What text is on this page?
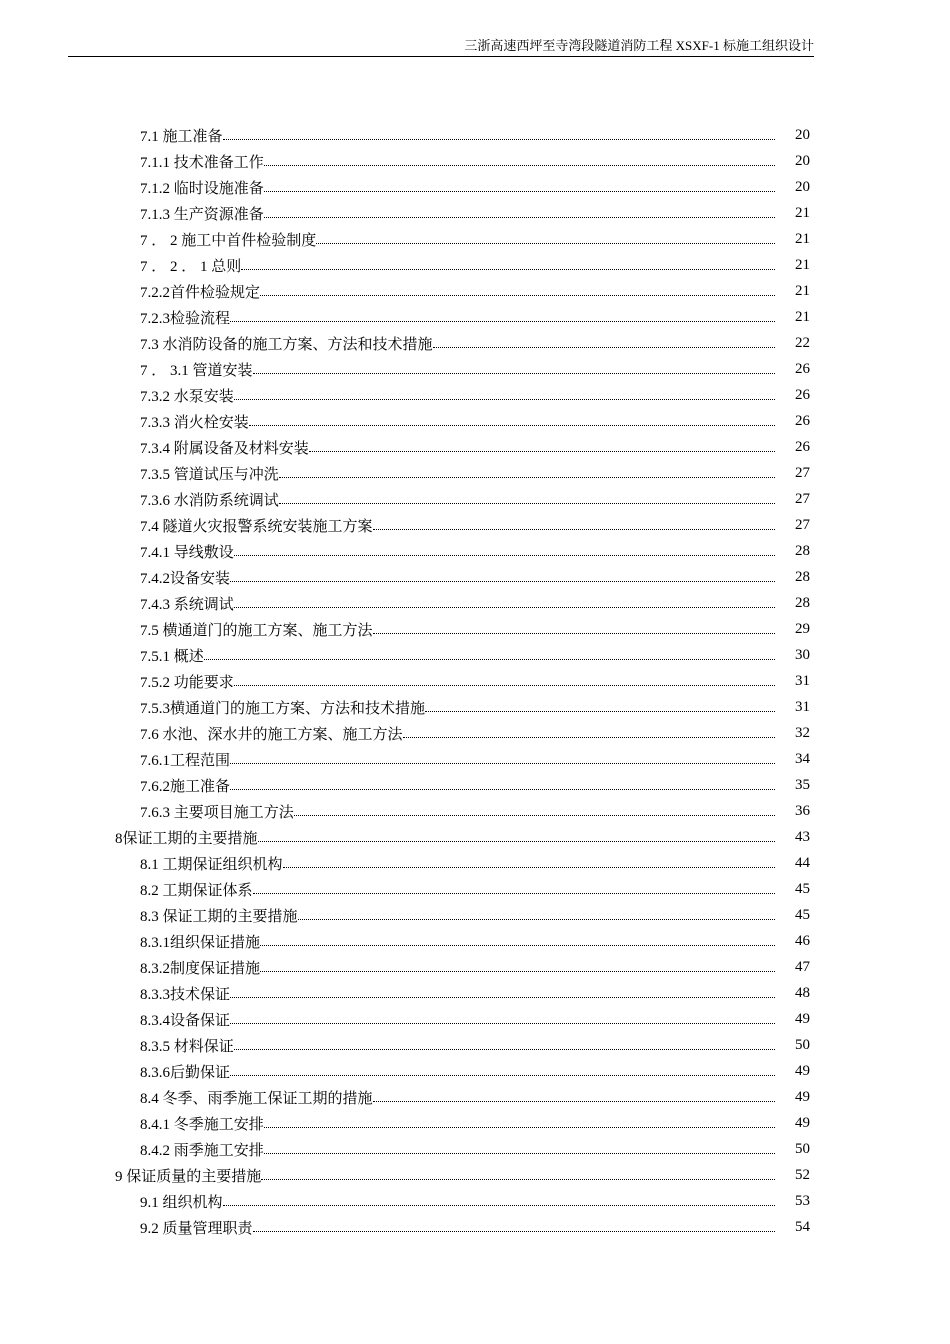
三浙高速西坪至寺湾段隧道消防工程 XSXF-1 标施工组织设计
7.1 施工准备	20
7.1.1 技术准备工作	20
7.1.2 临时设施准备	20
7.1.3 生产资源准备	21
7 ． 2 施工中首件检验制度	21
7 ． 2 ． 1 总则	21
7.2.2首件检验规定	21
7.2.3检验流程	21
7.3 水消防设备的施工方案、方法和技术措施	22
7 ． 3.1 管道安装	26
7.3.2 水泵安装	26
7.3.3 消火栓安装	26
7.3.4 附属设备及材料安装	26
7.3.5 管道试压与冲洗	27
7.3.6 水消防系统调试	27
7.4 隧道火灾报警系统安装施工方案	27
7.4.1 导线敷设	28
7.4.2设备安装	28
7.4.3 系统调试	28
7.5 横通道门的施工方案、施工方法	29
7.5.1 概述	30
7.5.2 功能要求	31
7.5.3横通道门的施工方案、方法和技术措施	31
7.6 水池、深水井的施工方案、施工方法	32
7.6.1工程范围	34
7.6.2施工准备	35
7.6.3 主要项目施工方法	36
8保证工期的主要措施	43
8.1 工期保证组织机构	44
8.2 工期保证体系	45
8.3 保证工期的主要措施	45
8.3.1组织保证措施	46
8.3.2制度保证措施	47
8.3.3技术保证	48
8.3.4设备保证	49
8.3.5 材料保证	50
8.3.6后勤保证	49
8.4 冬季、雨季施工保证工期的措施	49
8.4.1 冬季施工安排	49
8.4.2 雨季施工安排	50
9 保证质量的主要措施	52
9.1 组织机构	53
9.2 质量管理职责	54
